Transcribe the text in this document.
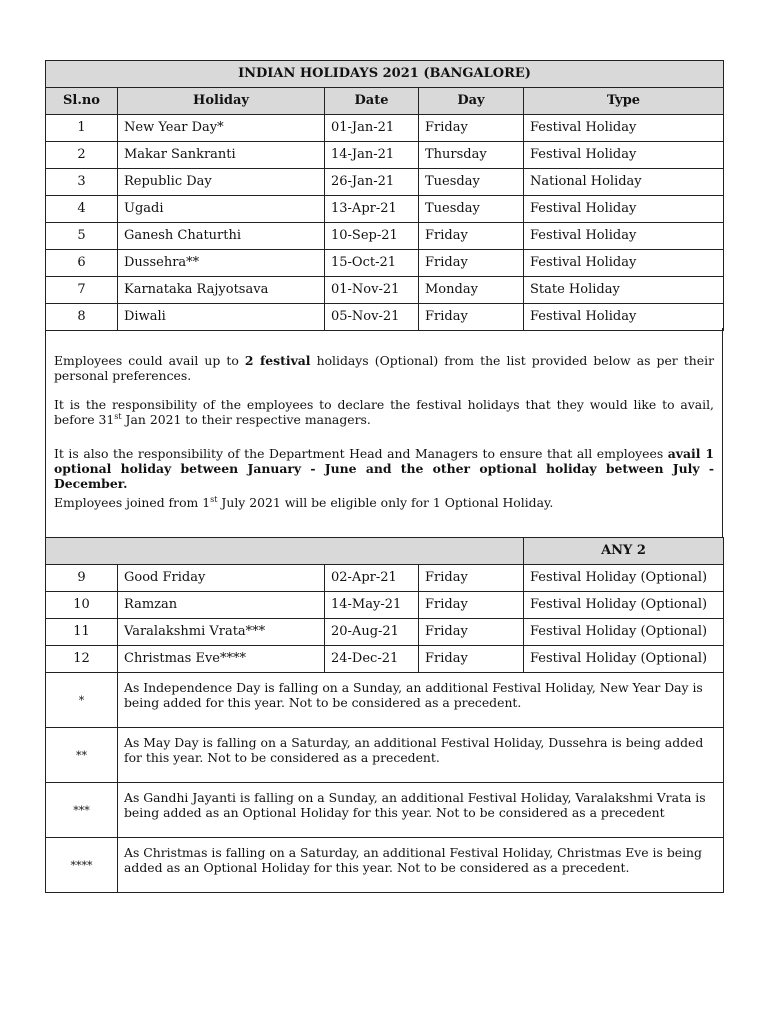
INDIAN HOLIDAYS 2021 (BANGALORE)				
Sl.no	Holiday	Date	Day	Type
1	New Year Day*	01-Jan-21	Friday	Festival Holiday
2	Makar Sankranti	14-Jan-21	Thursday	Festival Holiday
3	Republic Day	26-Jan-21	Tuesday	National Holiday
4	Ugadi	13-Apr-21	Tuesday	Festival Holiday
5	Ganesh Chaturthi	10-Sep-21	Friday	Festival Holiday
6	Dussehra**	15-Oct-21	Friday	Festival Holiday
7	Karnataka Rajyotsava	01-Nov-21	Monday	State Holiday
8	Diwali	05-Nov-21	Friday	Festival Holiday

Employees could avail up to 2 festival holidays (Optional) from the list provided below as per their personal preferences.

It is the responsibility of the employees to declare the festival holidays that they would like to avail, before 31st Jan 2021 to their respective managers.

It is also the responsibility of the Department Head and Managers to ensure that all employees avail 1 optional holiday between January - June and the other optional holiday between July - December.

Employees joined from 1st July 2021 will be eligible only for 1 Optional Holiday.

				ANY 2
9	Good Friday	02-Apr-21	Friday	Festival Holiday (Optional)
10	Ramzan	14-May-21	Friday	Festival Holiday (Optional)
11	Varalakshmi Vrata***	20-Aug-21	Friday	Festival Holiday (Optional)
12	Christmas Eve****	24-Dec-21	Friday	Festival Holiday (Optional)
*	As Independence Day is falling on a Sunday, an additional Festival Holiday, New Year Day is being added for this year. Not to be considered as a precedent.			
**	As May Day is falling on a Saturday, an additional Festival Holiday, Dussehra is being added for this year. Not to be considered as a precedent.			
***	As Gandhi Jayanti is falling on a Sunday, an additional Festival Holiday, Varalakshmi Vrata is being added as an Optional Holiday for this year. Not to be considered as a precedent			
****	As Christmas is falling on a Saturday, an additional Festival Holiday, Christmas Eve is being added as an Optional Holiday for this year. Not to be considered as a precedent.			
